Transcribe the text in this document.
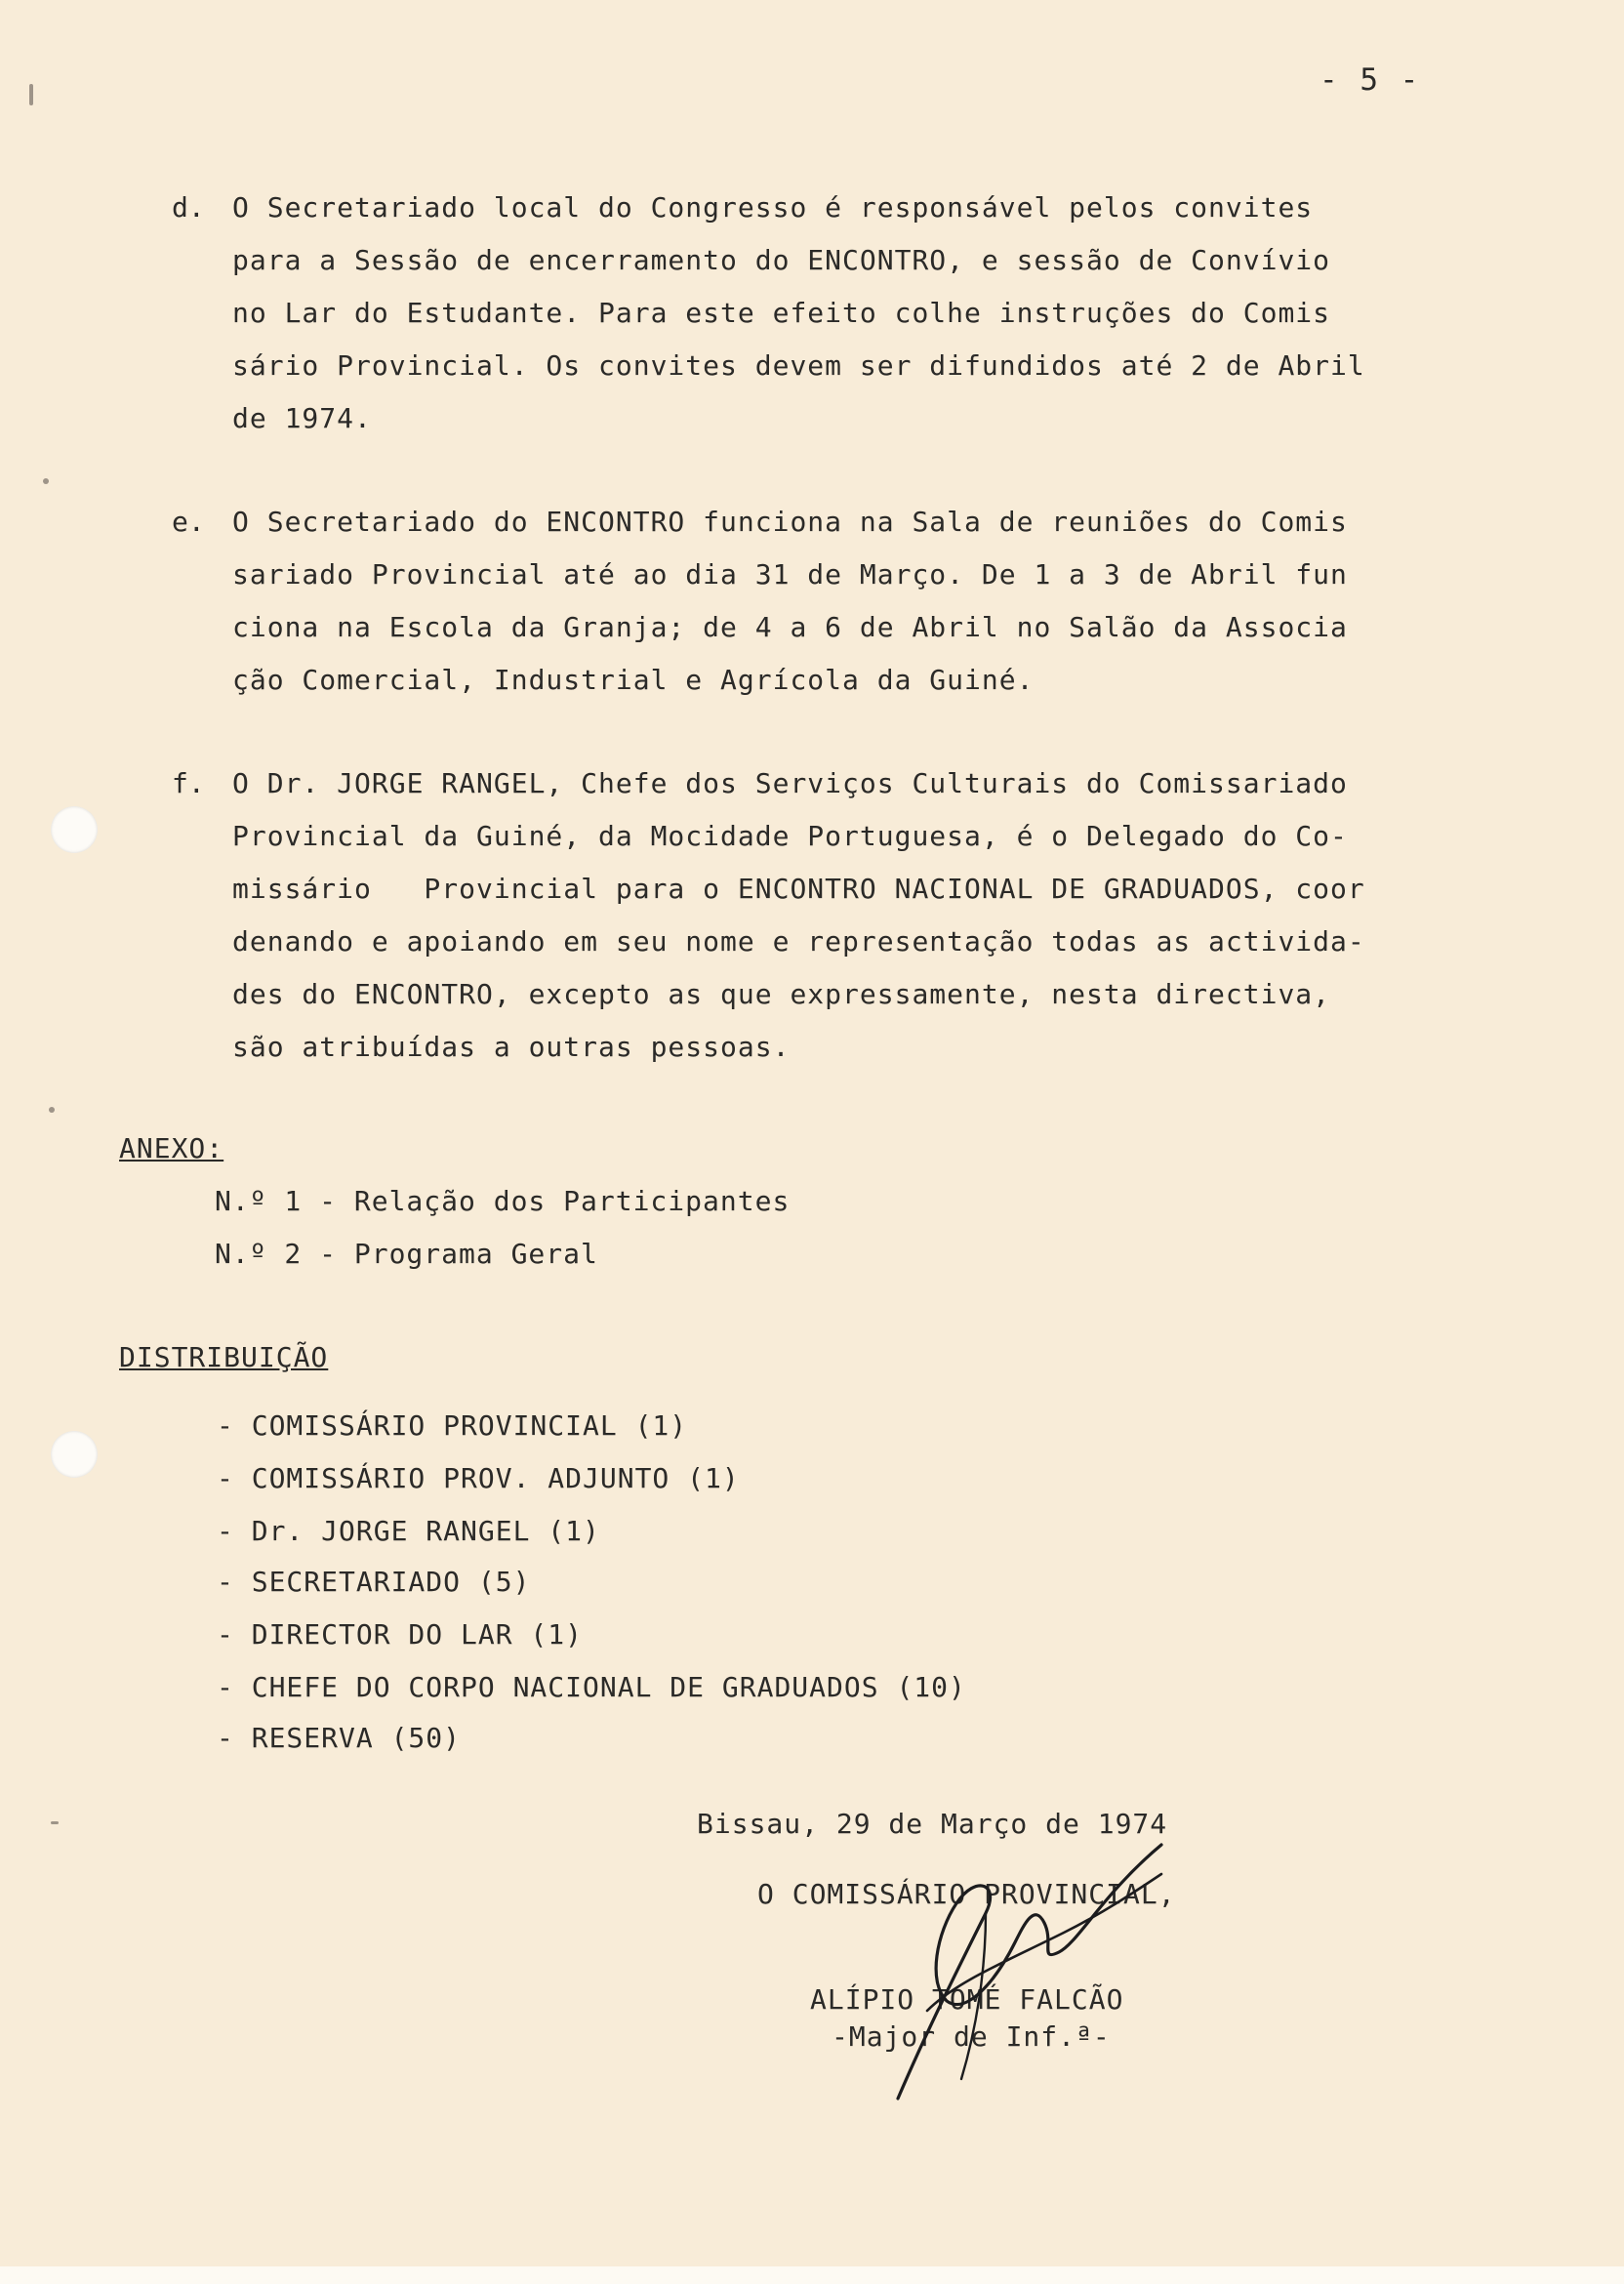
- 5 -
d. O Secretariado local do Congresso é responsável pelos convites
para a Sessão de encerramento do ENCONTRO, e sessão de Convívio
no Lar do Estudante. Para este efeito colhe instruções do Comis
sário Provincial. Os convites devem ser difundidos até 2 de Abril
de 1974.
e. O Secretariado do ENCONTRO funciona na Sala de reuniões do Comis
sariado Provincial até ao dia 31 de Março. De 1 a 3 de Abril fun
ciona na Escola da Granja; de 4 a 6 de Abril no Salão da Associa
ção Comercial, Industrial e Agrícola da Guiné.
f. O Dr. JORGE RANGEL, Chefe dos Serviços Culturais do Comissariado
Provincial da Guiné, da Mocidade Portuguesa, é o Delegado do Co-
missário   Provincial para o ENCONTRO NACIONAL DE GRADUADOS, coor
denando e apoiando em seu nome e representação todas as activida-
des do ENCONTRO, excepto as que expressamente, nesta directiva,
são atribuídas a outras pessoas.
ANEXO:
N.º 1 - Relação dos Participantes
N.º 2 - Programa Geral
DISTRIBUIÇÃO
- COMISSÁRIO PROVINCIAL (1)
- COMISSÁRIO PROV. ADJUNTO (1)
- Dr. JORGE RANGEL (1)
- SECRETARIADO (5)
- DIRECTOR DO LAR (1)
- CHEFE DO CORPO NACIONAL DE GRADUADOS (10)
- RESERVA (50)
Bissau, 29 de Março de 1974
O COMISSÁRIO PROVINCIAL,
ALÍPIO TOMÉ FALCÃO
-Major de Inf.ª-
